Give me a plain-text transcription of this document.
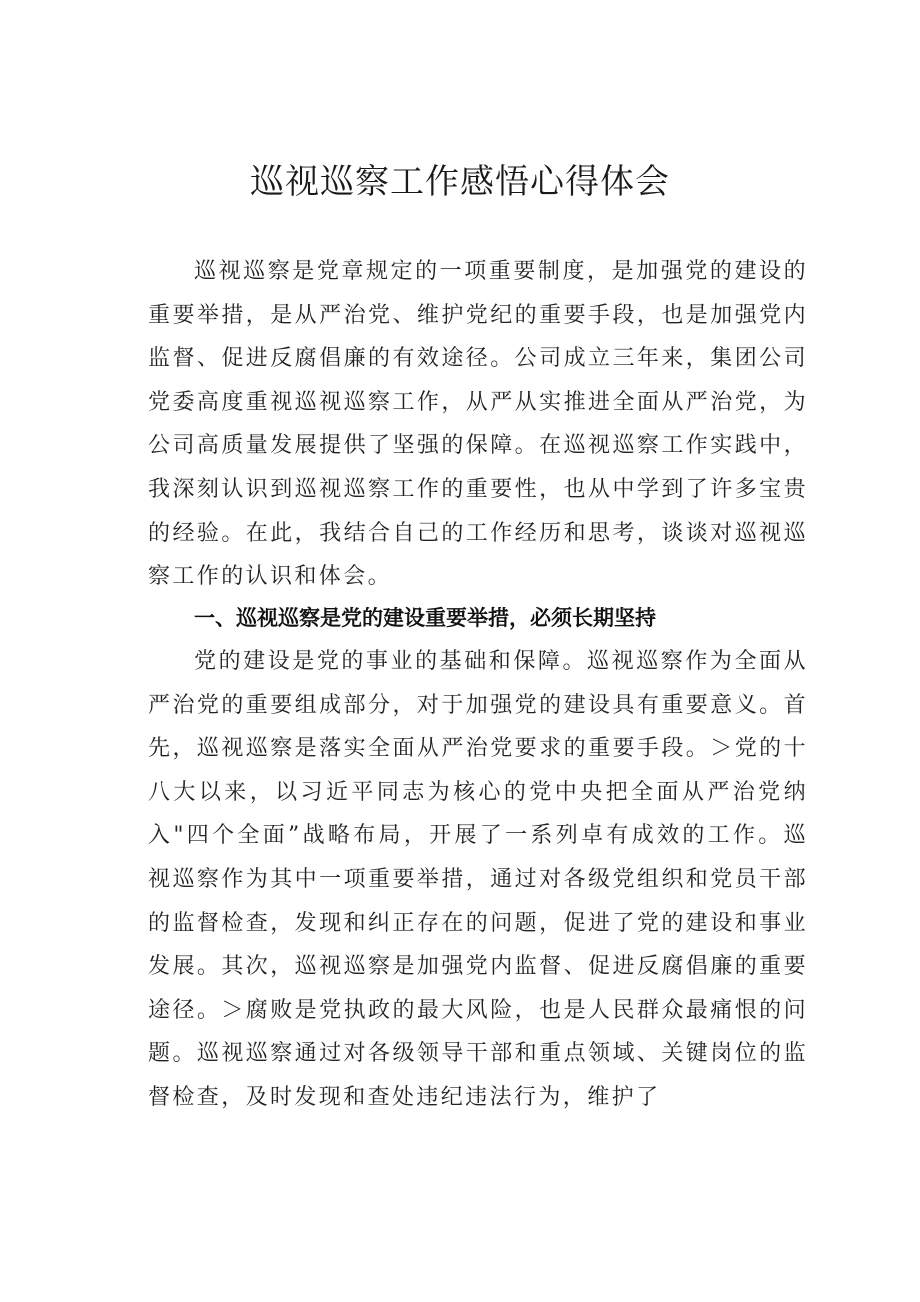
巡视巡察工作感悟心得体会

巡视巡察是党章规定的一项重要制度，是加强党的建设的重要举措，是从严治党、维护党纪的重要手段，也是加强党内监督、促进反腐倡廉的有效途径。公司成立三年来，集团公司党委高度重视巡视巡察工作，从严从实推进全面从严治党，为公司高质量发展提供了坚强的保障。在巡视巡察工作实践中，我深刻认识到巡视巡察工作的重要性，也从中学到了许多宝贵的经验。在此，我结合自己的工作经历和思考，谈谈对巡视巡察工作的认识和体会。

一、巡视巡察是党的建设重要举措，必须长期坚持

党的建设是党的事业的基础和保障。巡视巡察作为全面从严治党的重要组成部分，对于加强党的建设具有重要意义。首先，巡视巡察是落实全面从严治党要求的重要手段。＞党的十八大以来，以习近平同志为核心的党中央把全面从严治党纳入"四个全面”战略布局，开展了一系列卓有成效的工作。巡视巡察作为其中一项重要举措，通过对各级党组织和党员干部的监督检查，发现和纠正存在的问题，促进了党的建设和事业发展。其次，巡视巡察是加强党内监督、促进反腐倡廉的重要途径。＞腐败是党执政的最大风险，也是人民群众最痛恨的问题。巡视巡察通过对各级领导干部和重点领域、关键岗位的监督检查，及时发现和查处违纪违法行为，维护了
